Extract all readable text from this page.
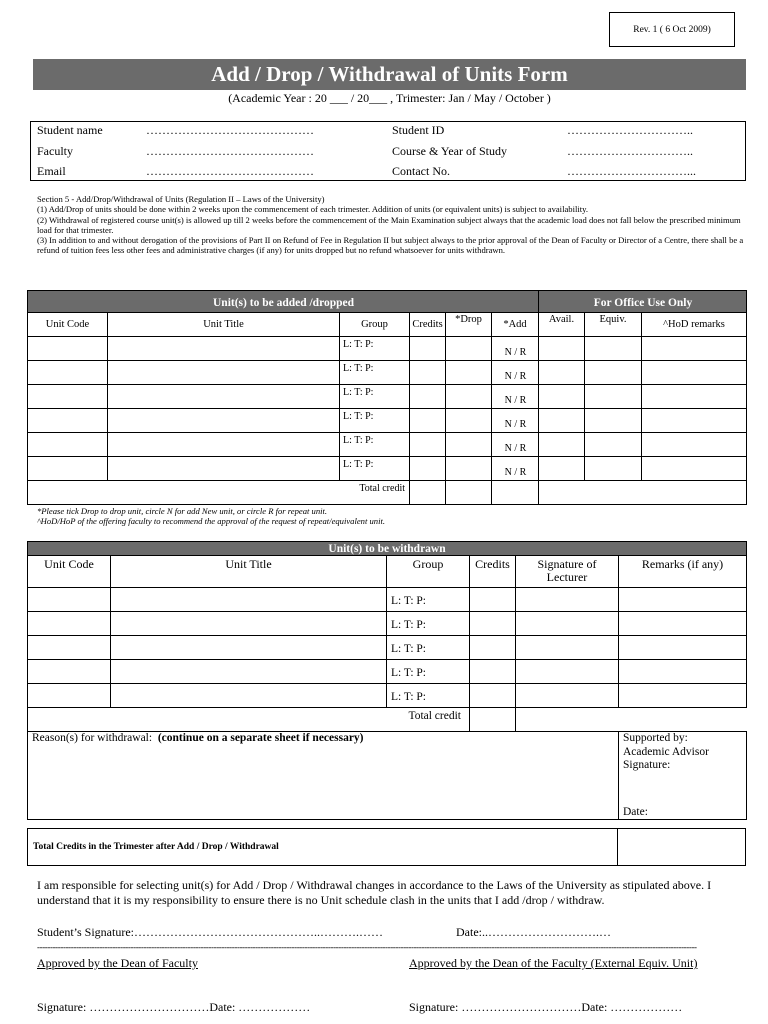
Rev. 1 ( 6 Oct 2009)
Add / Drop / Withdrawal of Units Form
(Academic Year : 20 ___ / 20___ , Trimester: Jan / May / October )
Student name	……………………………………	Student ID	…………………………..
Faculty	……………………………………	Course & Year of Study	…………………………..
Email	……………………………………	Contact No.	…………………………...
Section 5 - Add/Drop/Withdrawal of Units (Regulation II – Laws of the University)
(1) Add/Drop of units should be done within 2 weeks upon the commencement of each trimester. Addition of units (or equivalent units) is subject to availability.
(2) Withdrawal of registered course unit(s) is allowed up till 2 weeks before the commencement of the Main Examination subject always that the academic load does not fall below the prescribed minimum load for that trimester.
(3) In addition to and without derogation of the provisions of Part II on Refund of Fee in Regulation II but subject always to the prior approval of the Dean of Faculty or Director of a Centre, there shall be a refund of tuition fees less other fees and administrative charges (if any) for units dropped but no refund whatsoever for units withdrawn.
Unit(s) to be added /dropped						For Office Use Only		
Unit Code	Unit Title	Group	Credits	*Drop	*Add	Avail.	Equiv.	^HoD remarks
		L: T: P:			N / R			
		L: T: P:			N / R			
		L: T: P:			N / R			
		L: T: P:			N / R			
		L: T: P:			N / R			
		L: T: P:			N / R			
Total credit								
*Please tick Drop to drop unit, circle N for add New unit, or circle R for repeat unit.
^HoD/HoP of the offering faculty to recommend the approval of the request of repeat/equivalent unit.
Unit(s) to be withdrawn					
Unit Code	Unit Title	Group	Credits	Signature of Lecturer	Remarks (if any)
		L: T: P:			
		L: T: P:			
		L: T: P:			
		L: T: P:			
		L: T: P:			
Total credit					
Reason(s) for withdrawal: (continue on a separate sheet if necessary)					Supported by:
Academic Advisor
Signature:
Date:
Total Credits in the Trimester after Add / Drop / Withdrawal
I am responsible for selecting unit(s) for Add / Drop / Withdrawal changes in accordance to the Laws of the University as stipulated above. I understand that it is my responsibility to ensure there is no Unit schedule clash in the units that I add /drop / withdraw.
Student’s Signature:………………………………………..……….……	Date:..……………………….…
--------------------------------------------------------------------------------------------------------------------------------------------------------------------------------------------------------------------------------------------------------------
Approved by the Dean of Faculty	Approved by the Dean of the Faculty (External Equiv. Unit)
Signature: …………………………Date: ………………	Signature: …………………………Date: ………………
